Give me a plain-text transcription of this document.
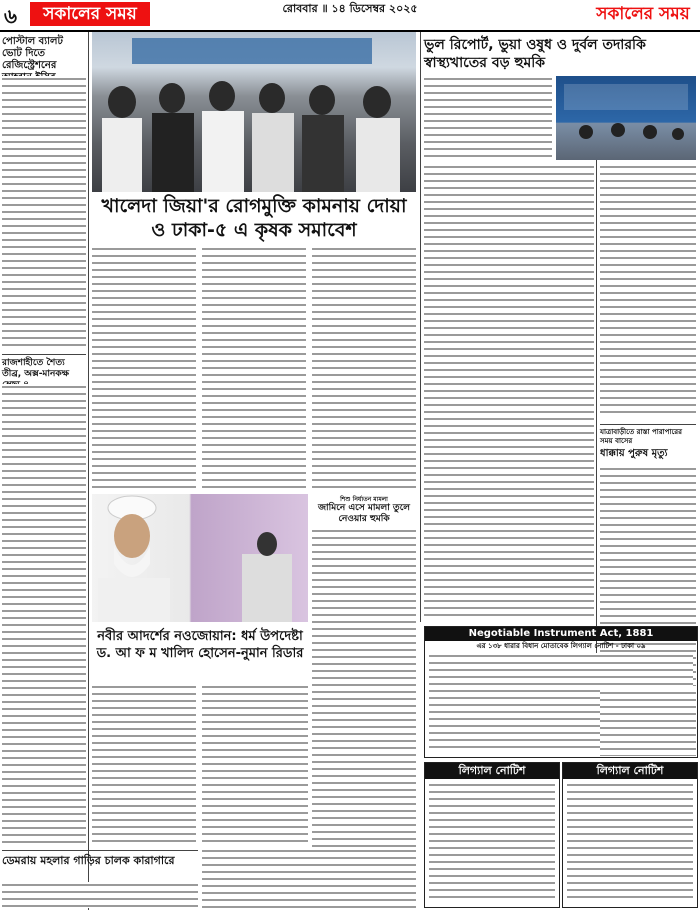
৬	সকালের সময়	রোববার ॥ ১৪ ডিসেম্বর ২০২৫	সকালের সময়
পোস্টাল ব্যালট ভোট দিতে রেজিস্ট্রেশনের
রাজশাহীতে শৈত্য তীব্র, অক্স-মানকক্ষ
ডেমরায় মহলার গাড়ির চালক কারাগারে
খালেদা জিয়া'র রোগমুক্তি কামনায় দোয়া ও ঢাকা-৫ এ কৃষক সমাবেশ
ভুল রিপোর্ট, ভুয়া ওষুধ ও দুর্বল তদারকি স্বাস্থ্যখাতের বড় হুমকি
যাত্রাবাড়ীতে রাস্তা পারাপারের সময় বাসের
ধাক্কায় পুরুষ মৃত্যু
শিশু নির্যাতন মামলা
জামিনে এসে মামলা তুলে নেওয়ার হুমকি
নবীর আদর্শের নওজোয়ান: ধর্ম উপদেষ্টা ড. আ ফ ম খালিদ হোসেন-নুমান রিডার
Negotiable Instrument Act, 1881
এর ১৩৮ ধারার বিধান মোতাবেক লিগ্যাল নোটিশ - ঢাকা ০৯
লিগ্যাল নোটিশ	লিগ্যাল নোটিশ
